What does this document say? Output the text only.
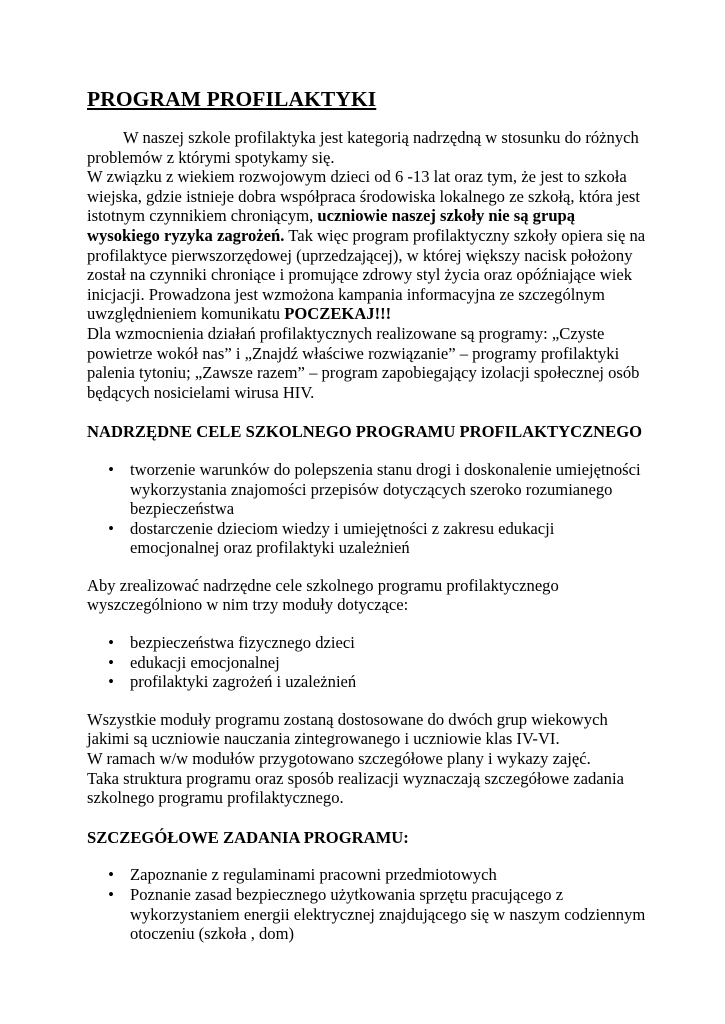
PROGRAM PROFILAKTYKI

W naszej szkole profilaktyka jest kategorią nadrzędną w stosunku do różnych problemów z którymi spotykamy się.

W związku z wiekiem rozwojowym dzieci od 6 -13 lat oraz tym, że jest to szkoła wiejska, gdzie istnieje dobra współpraca środowiska lokalnego ze szkołą, która jest istotnym czynnikiem chroniącym, uczniowie naszej szkoły nie są grupą wysokiego ryzyka zagrożeń. Tak więc program profilaktyczny szkoły opiera się na profilaktyce pierwszorzędowej (uprzedzającej), w której większy nacisk położony został na czynniki chroniące i promujące zdrowy styl życia oraz opóźniające wiek inicjacji. Prowadzona jest wzmożona kampania informacyjna ze szczególnym uwzględnieniem komunikatu POCZEKAJ!!!

Dla wzmocnienia działań profilaktycznych realizowane są programy: „Czyste powietrze wokół nas” i „Znajdź właściwe rozwiązanie” – programy profilaktyki palenia tytoniu; „Zawsze razem” – program zapobiegający izolacji społecznej osób będących nosicielami wirusa HIV.

NADRZĘDNE CELE SZKOLNEGO PROGRAMU PROFILAKTYCZNEGO
• tworzenie warunków do polepszenia stanu drogi i doskonalenie umiejętności wykorzystania znajomości przepisów dotyczących szeroko rozumianego bezpieczeństwa
• dostarczenie dzieciom wiedzy i umiejętności z zakresu edukacji emocjonalnej oraz profilaktyki uzależnień

Aby zrealizować nadrzędne cele szkolnego programu profilaktycznego wyszczególniono w nim trzy moduły dotyczące:

• bezpieczeństwa fizycznego dzieci
• edukacji emocjonalnej
• profilaktyki zagrożeń i uzależnień

Wszystkie moduły programu zostaną dostosowane do dwóch grup wiekowych jakimi są uczniowie nauczania zintegrowanego i uczniowie klas IV-VI.

W ramach w/w modułów przygotowano szczegółowe plany i wykazy zajęć.

Taka struktura programu oraz sposób realizacji wyznaczają szczegółowe zadania szkolnego programu profilaktycznego.

SZCZEGÓŁOWE ZADANIA PROGRAMU:
• Zapoznanie z regulaminami pracowni przedmiotowych
• Poznanie zasad bezpiecznego użytkowania sprzętu pracującego z wykorzystaniem energii elektrycznej znajdującego się w naszym codziennym otoczeniu (szkoła , dom)
